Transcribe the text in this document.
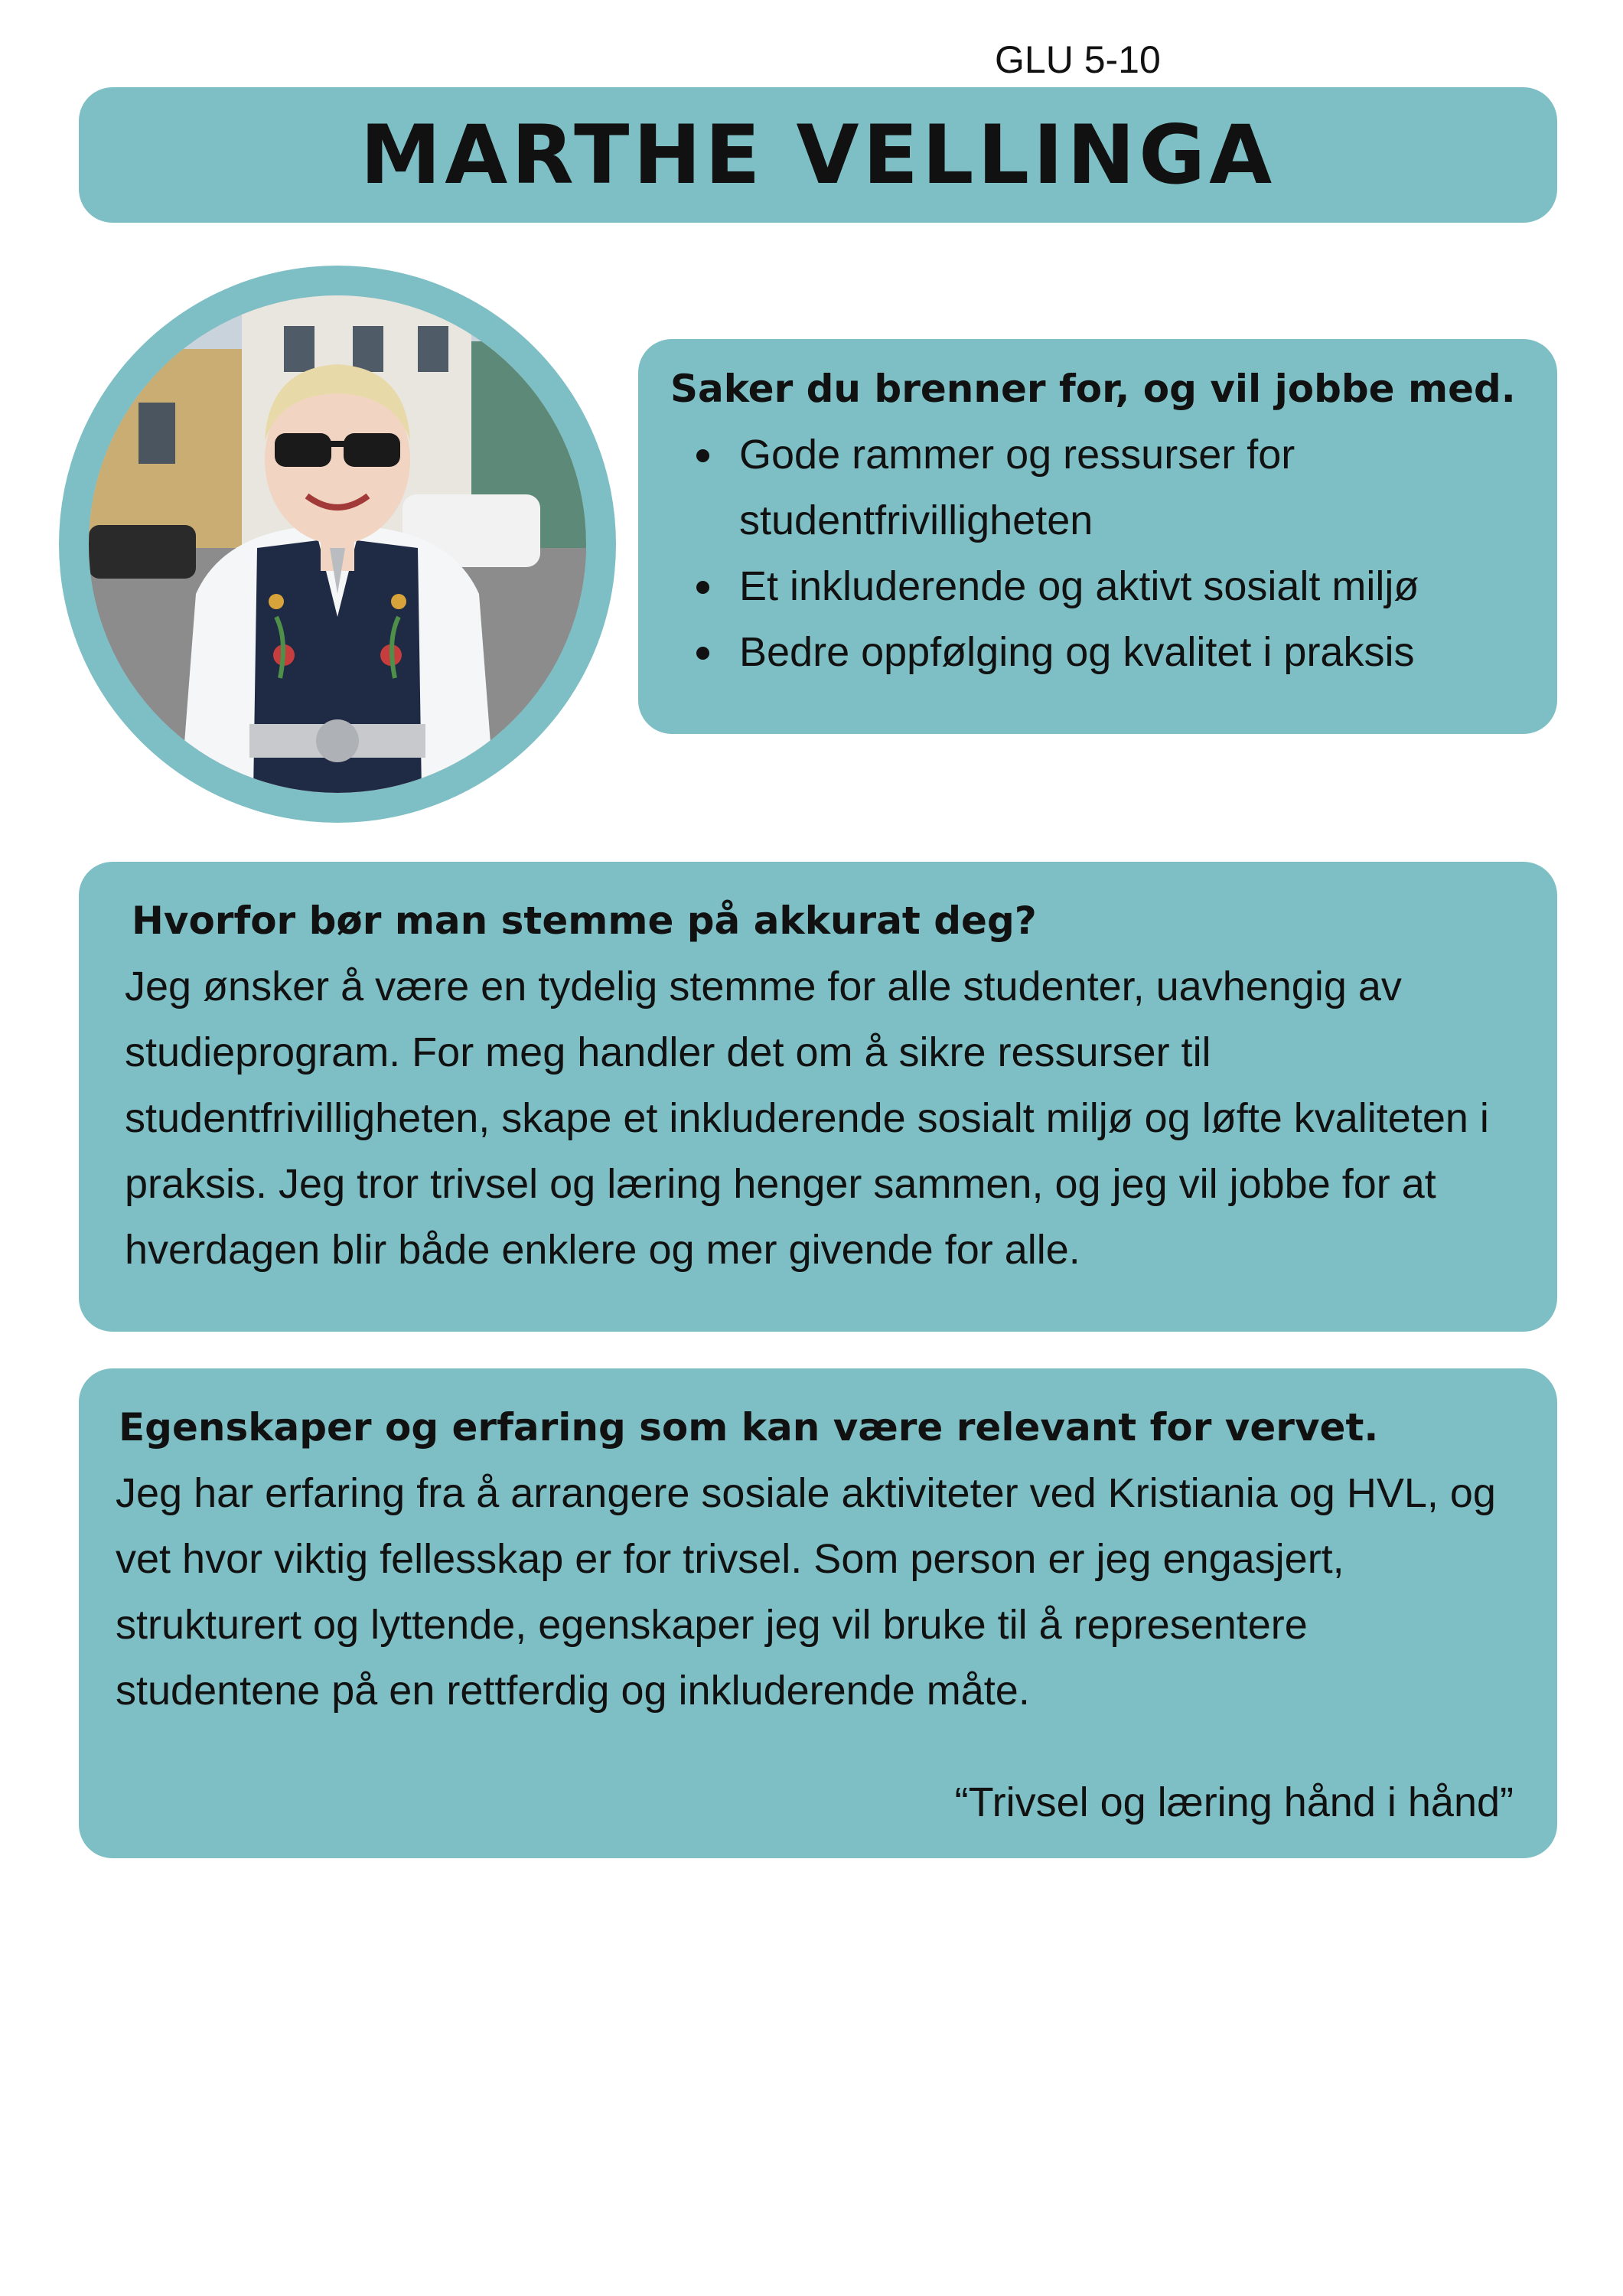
GLU 5-10
MARTHE VELLINGA
Saker du brenner for, og vil jobbe med.
Gode rammer og ressurser for studentfrivilligheten
Et inkluderende og aktivt sosialt miljø
Bedre oppfølging og kvalitet i praksis
Hvorfor bør man stemme på akkurat deg?

Jeg ønsker å være en tydelig stemme for alle studenter, uavhengig av studieprogram. For meg handler det om å sikre ressurser til studentfrivilligheten, skape et inkluderende sosialt miljø og løfte kvaliteten i praksis. Jeg tror trivsel og læring henger sammen, og jeg vil jobbe for at hverdagen blir både enklere og mer givende for alle.

Egenskaper og erfaring som kan være relevant for vervet.

Jeg har erfaring fra å arrangere sosiale aktiviteter ved Kristiania og HVL, og vet hvor viktig fellesskap er for trivsel. Som person er jeg engasjert, strukturert og lyttende, egenskaper jeg vil bruke til å representere studentene på en rettferdig og inkluderende måte.

“Trivsel og læring hånd i hånd”
